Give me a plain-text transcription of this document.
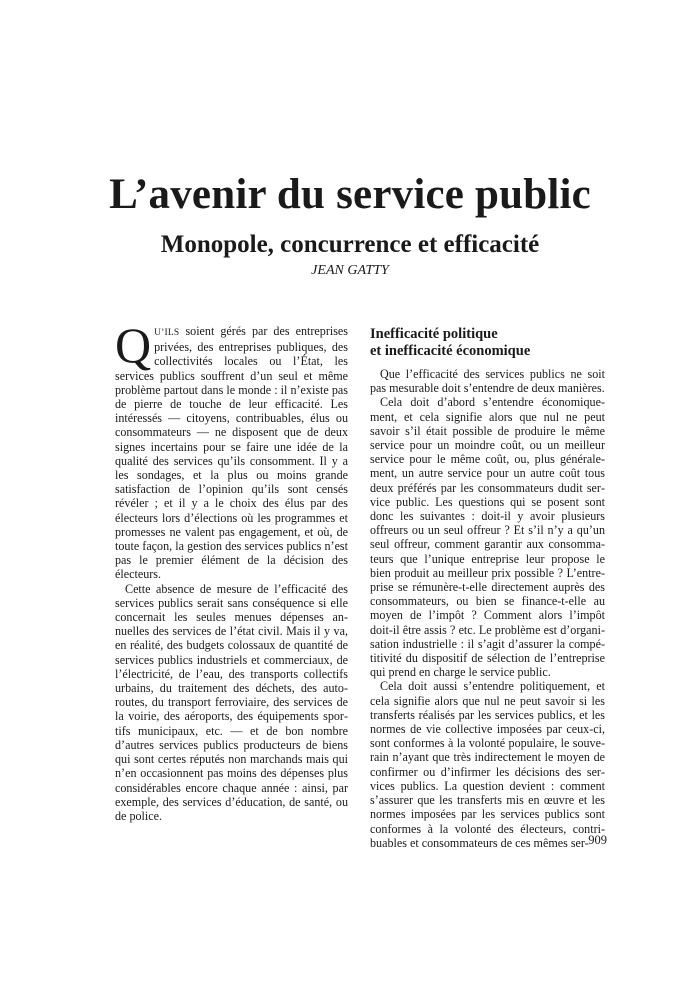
L’avenir du service public
Monopole, concurrence et efficacité
JEAN GATTY

Q U’ILS soient gérés par des entreprises privées, des entreprises publiques, des collectivités locales ou l’État, les services publics souffrent d’un seul et même problème partout dans le monde : il n’existe pas de pierre de touche de leur efficacité. Les intéressés — citoyens, contribuables, élus ou consommateurs — ne disposent que de deux signes incertains pour se faire une idée de la qualité des services qu’ils consomment. Il y a les sondages, et la plus ou moins grande satisfaction de l’opinion qu’ils sont censés révéler ; et il y a le choix des élus par des électeurs lors d’élections où les programmes et promesses ne valent pas engagement, et où, de toute façon, la gestion des services publics n’est pas le premier élément de la décision des électeurs.

Cette absence de mesure de l’efficacité des services publics serait sans conséquence si elle concernait les seules menues dépenses annuelles des services de l’état civil. Mais il y va, en réalité, des budgets colossaux de quantité de services publics industriels et commerciaux, de l’électricité, de l’eau, des transports collectifs urbains, du traitement des déchets, des autoroutes, du transport ferroviaire, des services de la voirie, des aéroports, des équipements sportifs municipaux, etc. — et de bon nombre d’autres services publics producteurs de biens qui sont certes réputés non marchands mais qui n’en occasionnent pas moins des dépenses plus considérables encore chaque année : ainsi, par exemple, des services d’éducation, de santé, ou de police.

Inefficacité politique
et inefficacité économique

Que l’efficacité des services publics ne soit pas mesurable doit s’entendre de deux manières.

Cela doit d’abord s’entendre économiquement, et cela signifie alors que nul ne peut savoir s’il était possible de produire le même service pour un moindre coût, ou un meilleur service pour le même coût, ou, plus généralement, un autre service pour un autre coût tous deux préférés par les consommateurs dudit service public. Les questions qui se posent sont donc les suivantes : doit-il y avoir plusieurs offreurs ou un seul offreur ? Et s’il n’y a qu’un seul offreur, comment garantir aux consommateurs que l’unique entreprise leur propose le bien produit au meilleur prix possible ? L’entreprise se rémunère-t-elle directement auprès des consommateurs, ou bien se finance-t-elle au moyen de l’impôt ? Comment alors l’impôt doit-il être assis ? etc. Le problème est d’organisation industrielle : il s’agit d’assurer la compétitivité du dispositif de sélection de l’entreprise qui prend en charge le service public.

Cela doit aussi s’entendre politiquement, et cela signifie alors que nul ne peut savoir si les transferts réalisés par les services publics, et les normes de vie collective imposées par ceux-ci, sont conformes à la volonté populaire, le souverain n’ayant que très indirectement le moyen de confirmer ou d’infirmer les décisions des services publics. La question devient : comment s’assurer que les transferts mis en œuvre et les normes imposées par les services publics sont conformes à la volonté des électeurs, contribuables et consommateurs de ces mêmes ser- 909
